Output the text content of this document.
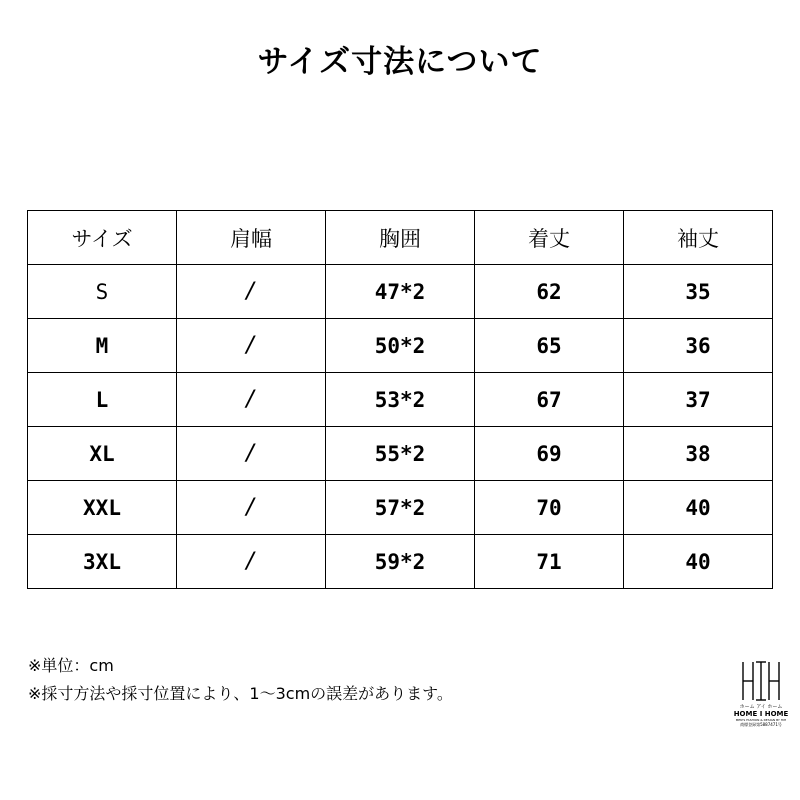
サイズ寸法について
サイズ	肩幅	胸囲	着丈	袖丈
S	/	47*2	62	35
M	/	50*2	65	36
L	/	53*2	67	37
XL	/	55*2	69	38
XXL	/	57*2	70	40
3XL	/	59*2	71	40
※単位：cm
※採寸方法や採寸位置により、1～3cmの誤差があります。
ホーム アイ ホーム
HOME I HOME
MEN'S FASHION & DESIGN BY HIH
商標登録第5887471号
